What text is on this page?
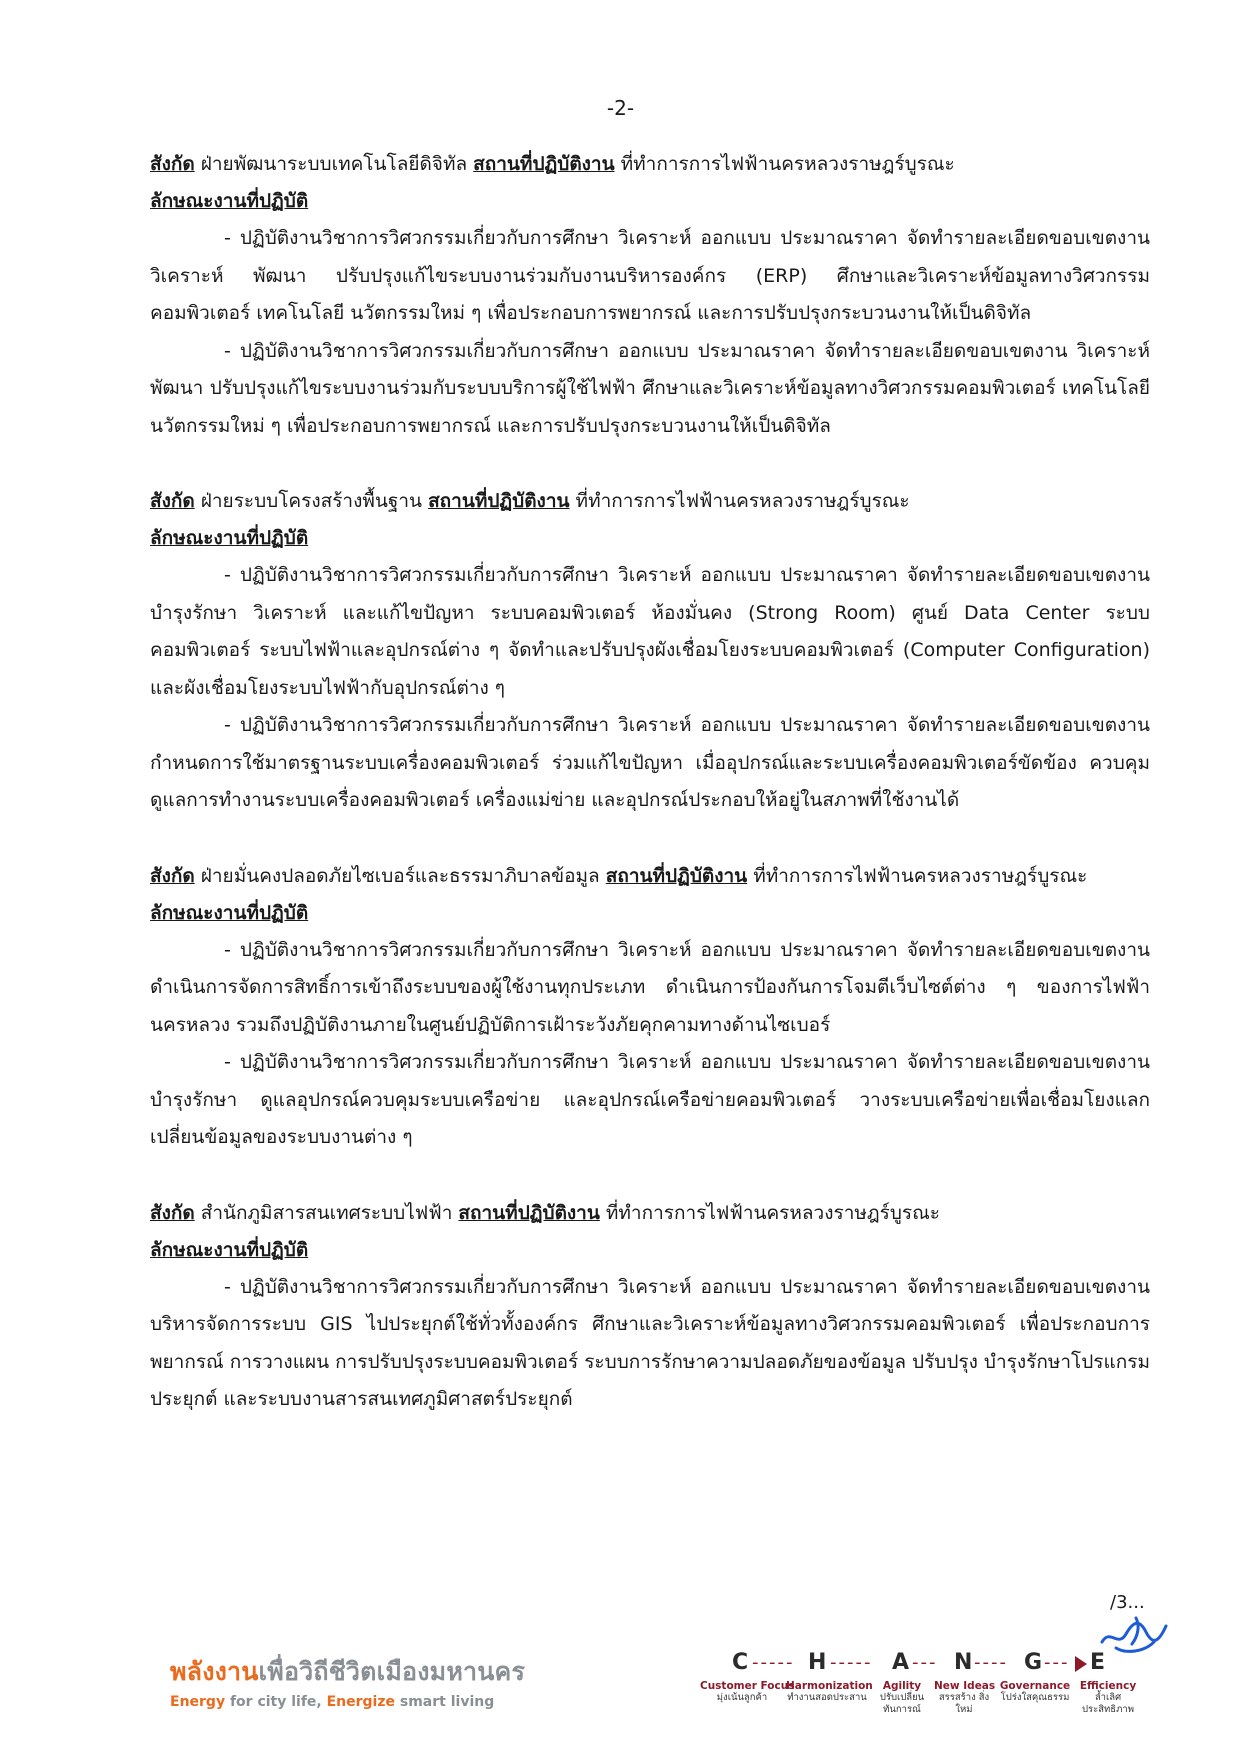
-2-
สังกัด ฝ่ายพัฒนาระบบเทคโนโลยีดิจิทัล สถานที่ปฏิบัติงาน ที่ทำการการไฟฟ้านครหลวงราษฎร์บูรณะ
ลักษณะงานที่ปฏิบัติ

- ปฏิบัติงานวิชาการวิศวกรรมเกี่ยวกับการศึกษา วิเคราะห์ ออกแบบ ประมาณราคา จัดทำรายละเอียดขอบเขตงาน วิเคราะห์ พัฒนา ปรับปรุงแก้ไขระบบงานร่วมกับงานบริหารองค์กร (ERP) ศึกษาและวิเคราะห์ข้อมูลทางวิศวกรรมคอมพิวเตอร์ เทคโนโลยี นวัตกรรมใหม่ ๆ เพื่อประกอบการพยากรณ์ และการปรับปรุงกระบวนงานให้เป็นดิจิทัล

- ปฏิบัติงานวิชาการวิศวกรรมเกี่ยวกับการศึกษา ออกแบบ ประมาณราคา จัดทำรายละเอียดขอบเขตงาน วิเคราะห์ พัฒนา ปรับปรุงแก้ไขระบบงานร่วมกับระบบบริการผู้ใช้ไฟฟ้า ศึกษาและวิเคราะห์ข้อมูลทางวิศวกรรมคอมพิวเตอร์ เทคโนโลยี นวัตกรรมใหม่ ๆ เพื่อประกอบการพยากรณ์ และการปรับปรุงกระบวนงานให้เป็นดิจิทัล

สังกัด ฝ่ายระบบโครงสร้างพื้นฐาน สถานที่ปฏิบัติงาน ที่ทำการการไฟฟ้านครหลวงราษฎร์บูรณะ
ลักษณะงานที่ปฏิบัติ

- ปฏิบัติงานวิชาการวิศวกรรมเกี่ยวกับการศึกษา วิเคราะห์ ออกแบบ ประมาณราคา จัดทำรายละเอียดขอบเขตงาน บำรุงรักษา วิเคราะห์ และแก้ไขปัญหา ระบบคอมพิวเตอร์ ห้องมั่นคง (Strong Room) ศูนย์ Data Center ระบบคอมพิวเตอร์ ระบบไฟฟ้าและอุปกรณ์ต่าง ๆ จัดทำและปรับปรุงผังเชื่อมโยงระบบคอมพิวเตอร์ (Computer Configuration) และผังเชื่อมโยงระบบไฟฟ้ากับอุปกรณ์ต่าง ๆ

- ปฏิบัติงานวิชาการวิศวกรรมเกี่ยวกับการศึกษา วิเคราะห์ ออกแบบ ประมาณราคา จัดทำรายละเอียดขอบเขตงาน กำหนดการใช้มาตรฐานระบบเครื่องคอมพิวเตอร์ ร่วมแก้ไขปัญหา เมื่ออุปกรณ์และระบบเครื่องคอมพิวเตอร์ขัดข้อง ควบคุม ดูแลการทำงานระบบเครื่องคอมพิวเตอร์ เครื่องแม่ข่าย และอุปกรณ์ประกอบให้อยู่ในสภาพที่ใช้งานได้

สังกัด ฝ่ายมั่นคงปลอดภัยไซเบอร์และธรรมาภิบาลข้อมูล สถานที่ปฏิบัติงาน ที่ทำการการไฟฟ้านครหลวงราษฎร์บูรณะ
ลักษณะงานที่ปฏิบัติ

- ปฏิบัติงานวิชาการวิศวกรรมเกี่ยวกับการศึกษา วิเคราะห์ ออกแบบ ประมาณราคา จัดทำรายละเอียดขอบเขตงาน ดำเนินการจัดการสิทธิ์การเข้าถึงระบบของผู้ใช้งานทุกประเภท ดำเนินการป้องกันการโจมตีเว็บไซต์ต่าง ๆ ของการไฟฟ้านครหลวง รวมถึงปฏิบัติงานภายในศูนย์ปฏิบัติการเฝ้าระวังภัยคุกคามทางด้านไซเบอร์

- ปฏิบัติงานวิชาการวิศวกรรมเกี่ยวกับการศึกษา วิเคราะห์ ออกแบบ ประมาณราคา จัดทำรายละเอียดขอบเขตงาน บำรุงรักษา ดูแลอุปกรณ์ควบคุมระบบเครือข่าย และอุปกรณ์เครือข่ายคอมพิวเตอร์ วางระบบเครือข่ายเพื่อเชื่อมโยงแลกเปลี่ยนข้อมูลของระบบงานต่าง ๆ

สังกัด สำนักภูมิสารสนเทศระบบไฟฟ้า สถานที่ปฏิบัติงาน ที่ทำการการไฟฟ้านครหลวงราษฎร์บูรณะ
ลักษณะงานที่ปฏิบัติ

- ปฏิบัติงานวิชาการวิศวกรรมเกี่ยวกับการศึกษา วิเคราะห์ ออกแบบ ประมาณราคา จัดทำรายละเอียดขอบเขตงาน บริหารจัดการระบบ GIS ไปประยุกต์ใช้ทั่วทั้งองค์กร ศึกษาและวิเคราะห์ข้อมูลทางวิศวกรรมคอมพิวเตอร์ เพื่อประกอบการพยากรณ์ การวางแผน การปรับปรุงระบบคอมพิวเตอร์ ระบบการรักษาความปลอดภัยของข้อมูล ปรับปรุง บำรุงรักษาโปรแกรมประยุกต์ และระบบงานสารสนเทศภูมิศาสตร์ประยุกต์

/3...
พลังงานเพื่อวิถีชีวิตเมืองมหานคร
Energy for city life, Energize smart living
C ----- H ----- A --- N ---- G --- E
Customer Focus
มุ่งเน้นลูกค้า
Harmonization
ทำงานสอดประสาน
Agility
ปรับเปลี่ยน ทันการณ์
New Ideas
สรรสร้าง สิ่งใหม่
Governance
โปร่งใสคุณธรรม
Efficiency
ล้ำเลิศ ประสิทธิภาพ
